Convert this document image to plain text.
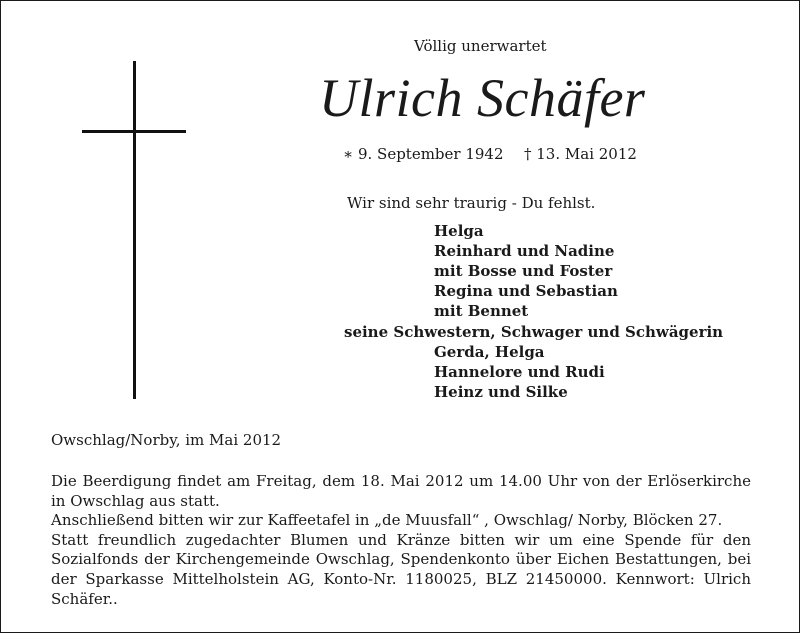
Völlig unerwartet
Ulrich Schäfer
∗ 9. September 1942 † 13. Mai 2012
Wir sind sehr traurig - Du fehlst.
Helga
Reinhard und Nadine
mit Bosse und Foster
Regina und Sebastian
mit Bennet
seine Schwestern, Schwager und Schwägerin
Gerda, Helga
Hannelore und Rudi
Heinz und Silke
Owschlag/Norby, im Mai 2012

Die Beerdigung findet am Freitag, dem 18. Mai 2012 um 14.00 Uhr von der Erlöserkirche in Owschlag aus statt.

Anschließend bitten wir zur Kaffeetafel in „de Muusfall“ , Owschlag/ Norby, Blöcken 27.

Statt freundlich zugedachter Blumen und Kränze bitten wir um eine Spende für den Sozialfonds der Kirchengemeinde Owschlag, Spendenkonto über Eichen Bestattungen, bei der Sparkasse Mittelholstein AG, Konto-Nr. 1180025, BLZ 21450000. Kennwort: Ulrich Schäfer..
